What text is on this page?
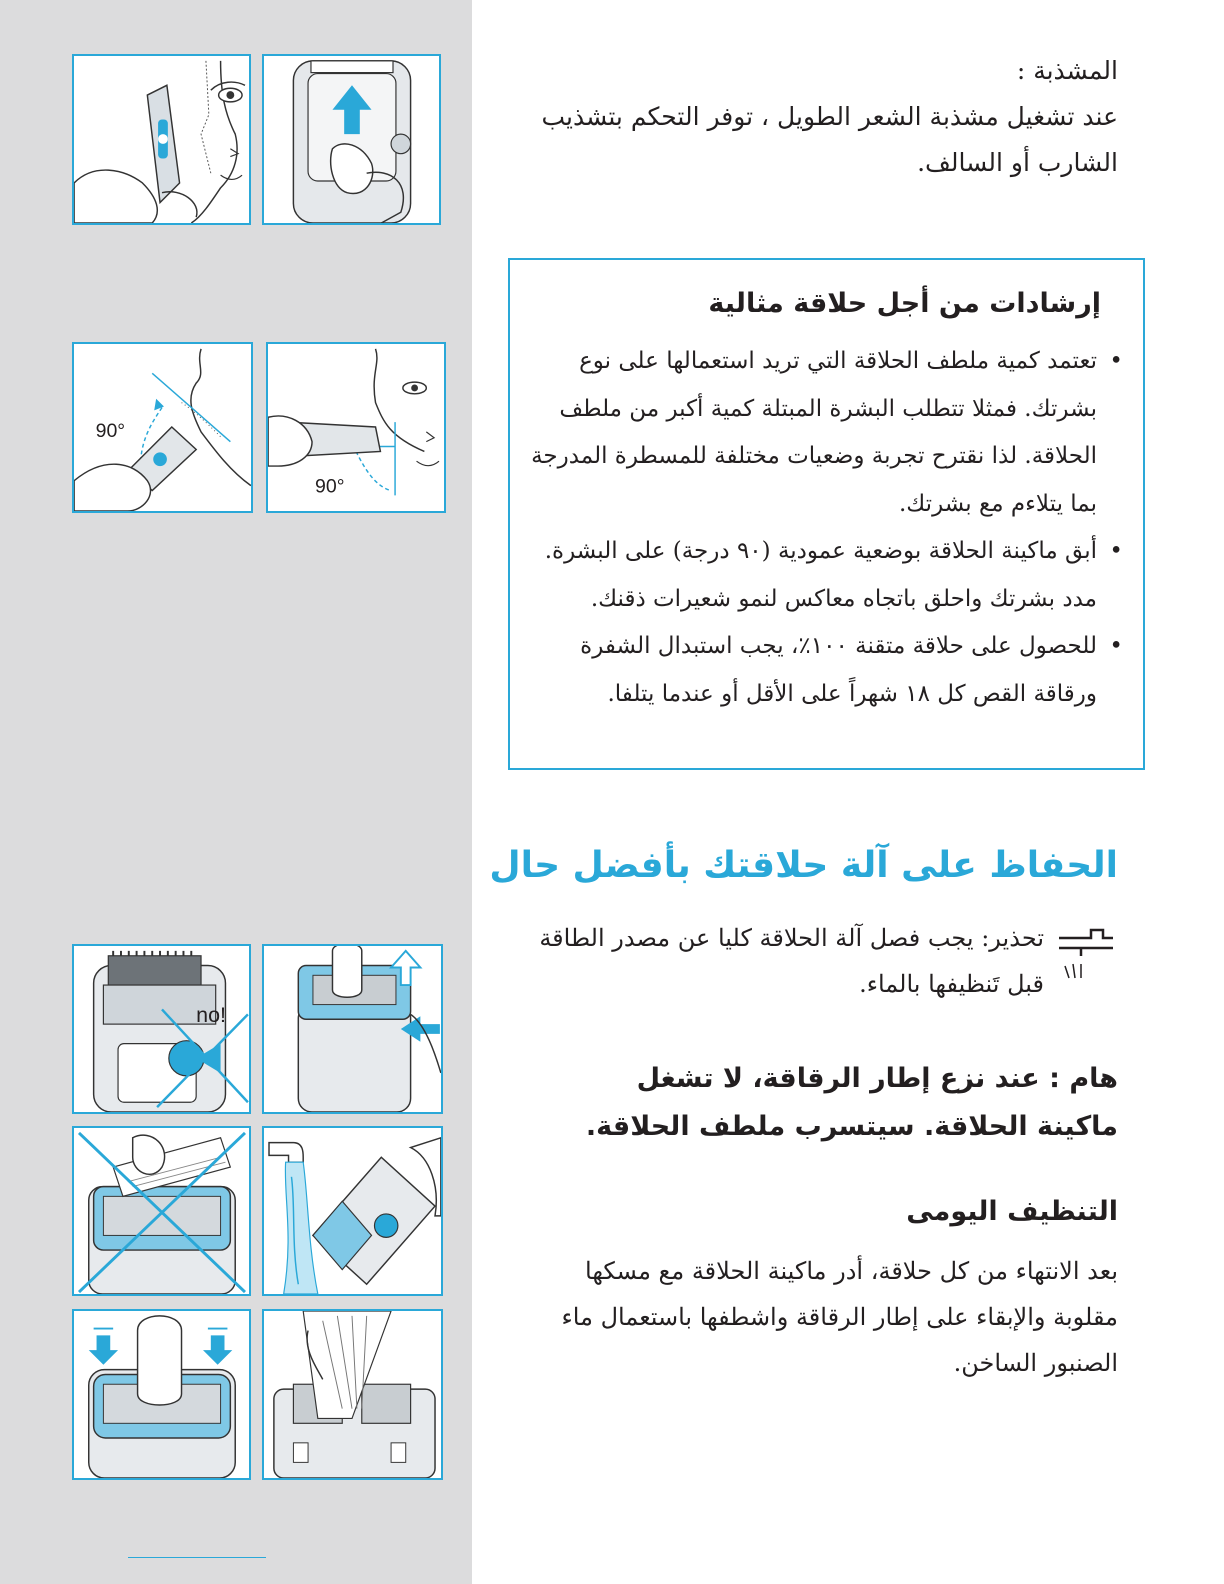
90°
90°
no!
المشذبة :
عند تشغيل مشذبة الشعر الطويل ، توفر التحكم بتشذيب الشارب أو السالف.
إرشادات من أجل حلاقة مثالية
• تعتمد كمية ملطف الحلاقة التي تريد استعمالها على نوع بشرتك. فمثلا تتطلب البشرة المبتلة كمية أكبر من ملطف الحلاقة. لذا نقترح تجربة وضعيات مختلفة للمسطرة المدرجة بما يتلاءم مع بشرتك.
• أبق ماكينة الحلاقة بوضعية عمودية (٩٠ درجة) على البشرة. مدد بشرتك واحلق باتجاه معاكس لنمو شعيرات ذقنك.
• للحصول على حلاقة متقنة ١٠٠٪، يجب استبدال الشفرة ورقاقة القص كل ١٨ شهراً على الأقل أو عندما يتلفا.
الحفاظ على آلة حلاقتك بأفضل حال
تحذير: يجب فصل آلة الحلاقة كليا عن مصدر الطاقة قبل تَنظيفها بالماء.
هام : عند نزع إطار الرقاقة، لا تشغل ماكينة الحلاقة. سيتسرب ملطف الحلاقة.
التنظيف اليومى
بعد الانتهاء من كل حلاقة، أدر ماكينة الحلاقة مع مسكها مقلوبة والإبقاء على إطار الرقاقة واشطفها باستعمال ماء الصنبور الساخن.
